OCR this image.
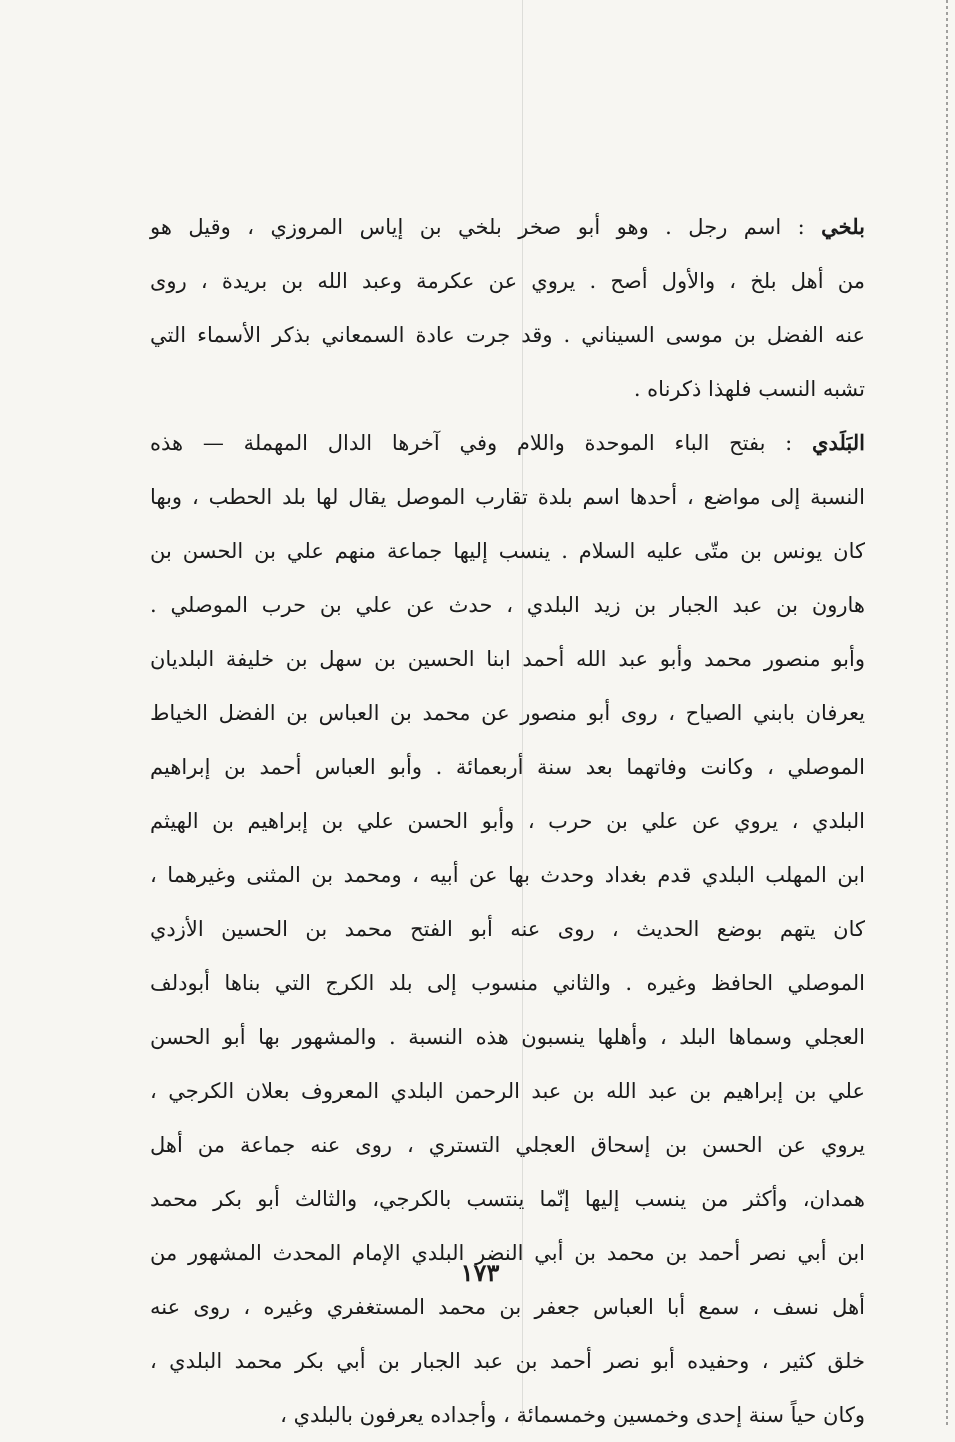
بلخي : اسم رجل . وهو أبو صخر بلخي بن إياس المروزي ، وقيل هو
من أهل بلخ ، والأول أصح . يروي عن عكرمة وعبد الله بن بريدة ، روى
عنه الفضل بن موسى السيناني . وقد جرت عادة السمعاني بذكر الأسماء التي
تشبه النسب فلهذا ذكرناه .
البَلَدي : بفتح الباء الموحدة واللام وفي آخرها الدال المهملة — هذه
النسبة إلى مواضع ، أحدها اسم بلدة تقارب الموصل يقال لها بلد الحطب ، وبها
كان يونس بن متّى عليه السلام . ينسب إليها جماعة منهم علي بن الحسن بن
هارون بن عبد الجبار بن زيد البلدي ، حدث عن علي بن حرب الموصلي .
وأبو منصور محمد وأبو عبد الله أحمد ابنا الحسين بن سهل بن خليفة البلديان
يعرفان بابني الصياح ، روى أبو منصور عن محمد بن العباس بن الفضل الخياط
الموصلي ، وكانت وفاتهما بعد سنة أربعمائة . وأبو العباس أحمد بن إبراهيم
البلدي ، يروي عن علي بن حرب ، وأبو الحسن علي بن إبراهيم بن الهيثم
ابن المهلب البلدي قدم بغداد وحدث بها عن أبيه ، ومحمد بن المثنى وغيرهما ،
كان يتهم بوضع الحديث ، روى عنه أبو الفتح محمد بن الحسين الأزدي
الموصلي الحافظ وغيره . والثاني منسوب إلى بلد الكرج التي بناها أبودلف
العجلي وسماها البلد ، وأهلها ينسبون هذه النسبة . والمشهور بها أبو الحسن
علي بن إبراهيم بن عبد الله بن عبد الرحمن البلدي المعروف بعلان الكرجي ،
يروي عن الحسن بن إسحاق العجلي التستري ، روى عنه جماعة من أهل
همدان، وأكثر من ينسب إليها إنّما ينتسب بالكرجي، والثالث أبو بكر محمد
ابن أبي نصر أحمد بن محمد بن أبي النضر البلدي الإمام المحدث المشهور من
أهل نسف ، سمع أبا العباس جعفر بن محمد المستغفري وغيره ، روى عنه
خلق كثير ، وحفيده أبو نصر أحمد بن عبد الجبار بن أبي بكر محمد البلدي ،
وكان حياً سنة إحدى وخمسين وخمسمائة ، وأجداده يعرفون بالبلدي ،
١٧٣
